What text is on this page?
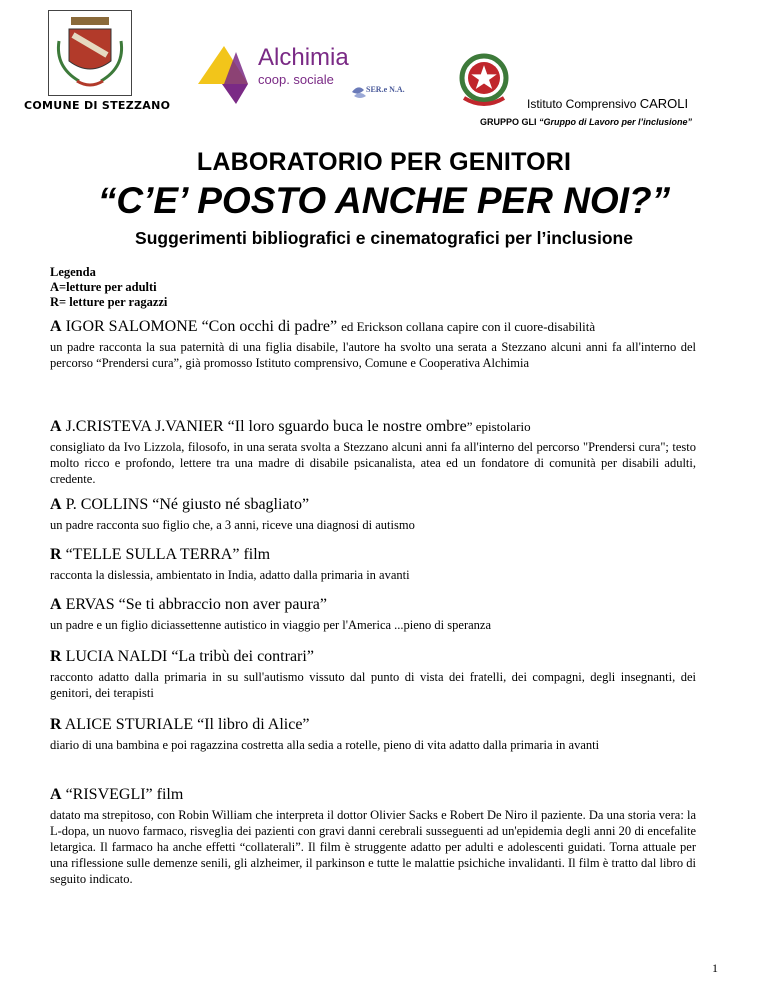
COMUNE DI STEZZANO
Alchimia
coop. sociale
SER.e N.A.
Istituto Comprensivo CAROLI
GRUPPO GLI “Gruppo di Lavoro per l’inclusione”
LABORATORIO PER GENITORI
“C’E’ POSTO ANCHE PER NOI?”
Suggerimenti bibliografici e cinematografici per l’inclusione
Legenda
A=letture per adulti
R= letture per ragazzi
A IGOR SALOMONE “Con occhi di padre” ed Erickson collana capire con il cuore-disabilità
un padre racconta la sua paternità di una figlia disabile, l'autore ha svolto una serata a Stezzano alcuni anni fa all'interno del percorso “Prendersi cura”, già promosso Istituto comprensivo, Comune e Cooperativa Alchimia
A J.CRISTEVA J.VANIER “Il loro sguardo buca le nostre ombre” epistolario
consigliato da Ivo Lizzola, filosofo, in una serata svolta a Stezzano alcuni anni fa all'interno del percorso "Prendersi cura"; testo molto ricco e profondo, lettere tra una madre di disabile psicanalista, atea ed un fondatore di comunità per disabili adulti, credente.
A P. COLLINS “Né giusto né sbagliato”
un padre racconta suo figlio che, a 3 anni, riceve una diagnosi di autismo
R “TELLE SULLA TERRA” film
racconta la dislessia, ambientato in India, adatto dalla primaria in avanti
A ERVAS “Se ti abbraccio non aver paura”
un padre e un figlio diciassettenne autistico in viaggio per l'America ...pieno di speranza
R LUCIA NALDI “La tribù dei contrari”
racconto adatto dalla primaria in su sull'autismo vissuto dal punto di vista dei fratelli, dei compagni, degli insegnanti, dei genitori, dei terapisti
R ALICE STURIALE “Il libro di Alice”
diario di una bambina e poi ragazzina costretta alla sedia a rotelle, pieno di vita adatto dalla primaria in avanti
A “RISVEGLI” film
datato ma strepitoso, con Robin William che interpreta il dottor Olivier Sacks e Robert De Niro il paziente. Da una storia vera: la L-dopa, un nuovo farmaco, risveglia dei pazienti con gravi danni cerebrali susseguenti ad un'epidemia degli anni 20 di encefalite letargica. Il farmaco ha anche effetti “collaterali”. Il film è struggente adatto per adulti e adolescenti guidati. Torna attuale per una riflessione sulle demenze senili, gli alzheimer, il parkinson e tutte le malattie psichiche invalidanti. Il film è tratto dal libro di seguito indicato.
1
